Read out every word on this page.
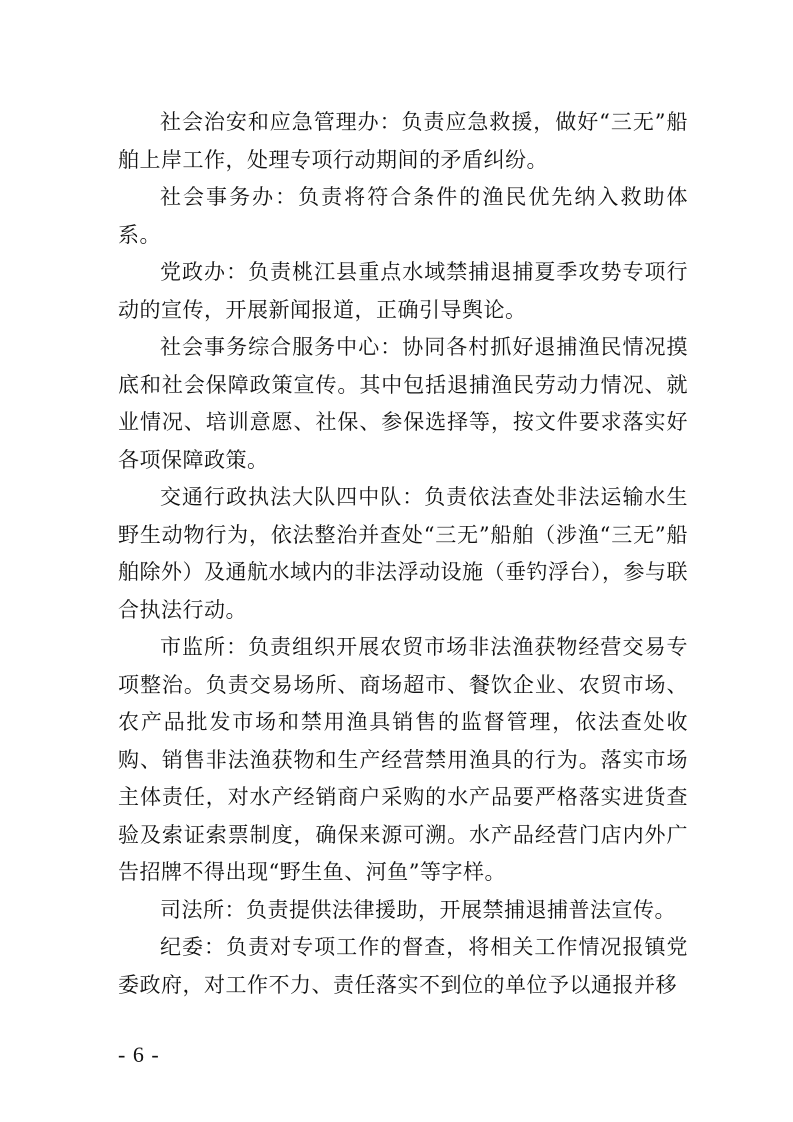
社会治安和应急管理办：负责应急救援，做好“三无”船舶上岸工作，处理专项行动期间的矛盾纠纷。

社会事务办：负责将符合条件的渔民优先纳入救助体系。

党政办：负责桃江县重点水域禁捕退捕夏季攻势专项行动的宣传，开展新闻报道，正确引导舆论。

社会事务综合服务中心：协同各村抓好退捕渔民情况摸底和社会保障政策宣传。其中包括退捕渔民劳动力情况、就业情况、培训意愿、社保、参保选择等，按文件要求落实好各项保障政策。

交通行政执法大队四中队：负责依法查处非法运输水生野生动物行为，依法整治并查处“三无”船舶（涉渔“三无”船舶除外）及通航水域内的非法浮动设施（垂钓浮台），参与联合执法行动。

市监所：负责组织开展农贸市场非法渔获物经营交易专项整治。负责交易场所、商场超市、餐饮企业、农贸市场、农产品批发市场和禁用渔具销售的监督管理，依法查处收购、销售非法渔获物和生产经营禁用渔具的行为。落实市场主体责任，对水产经销商户采购的水产品要严格落实进货查验及索证索票制度，确保来源可溯。水产品经营门店内外广告招牌不得出现“野生鱼、河鱼”等字样。

司法所：负责提供法律援助，开展禁捕退捕普法宣传。

纪委：负责对专项工作的督查，将相关工作情况报镇党委政府，对工作不力、责任落实不到位的单位予以通报并移

- 6 -
